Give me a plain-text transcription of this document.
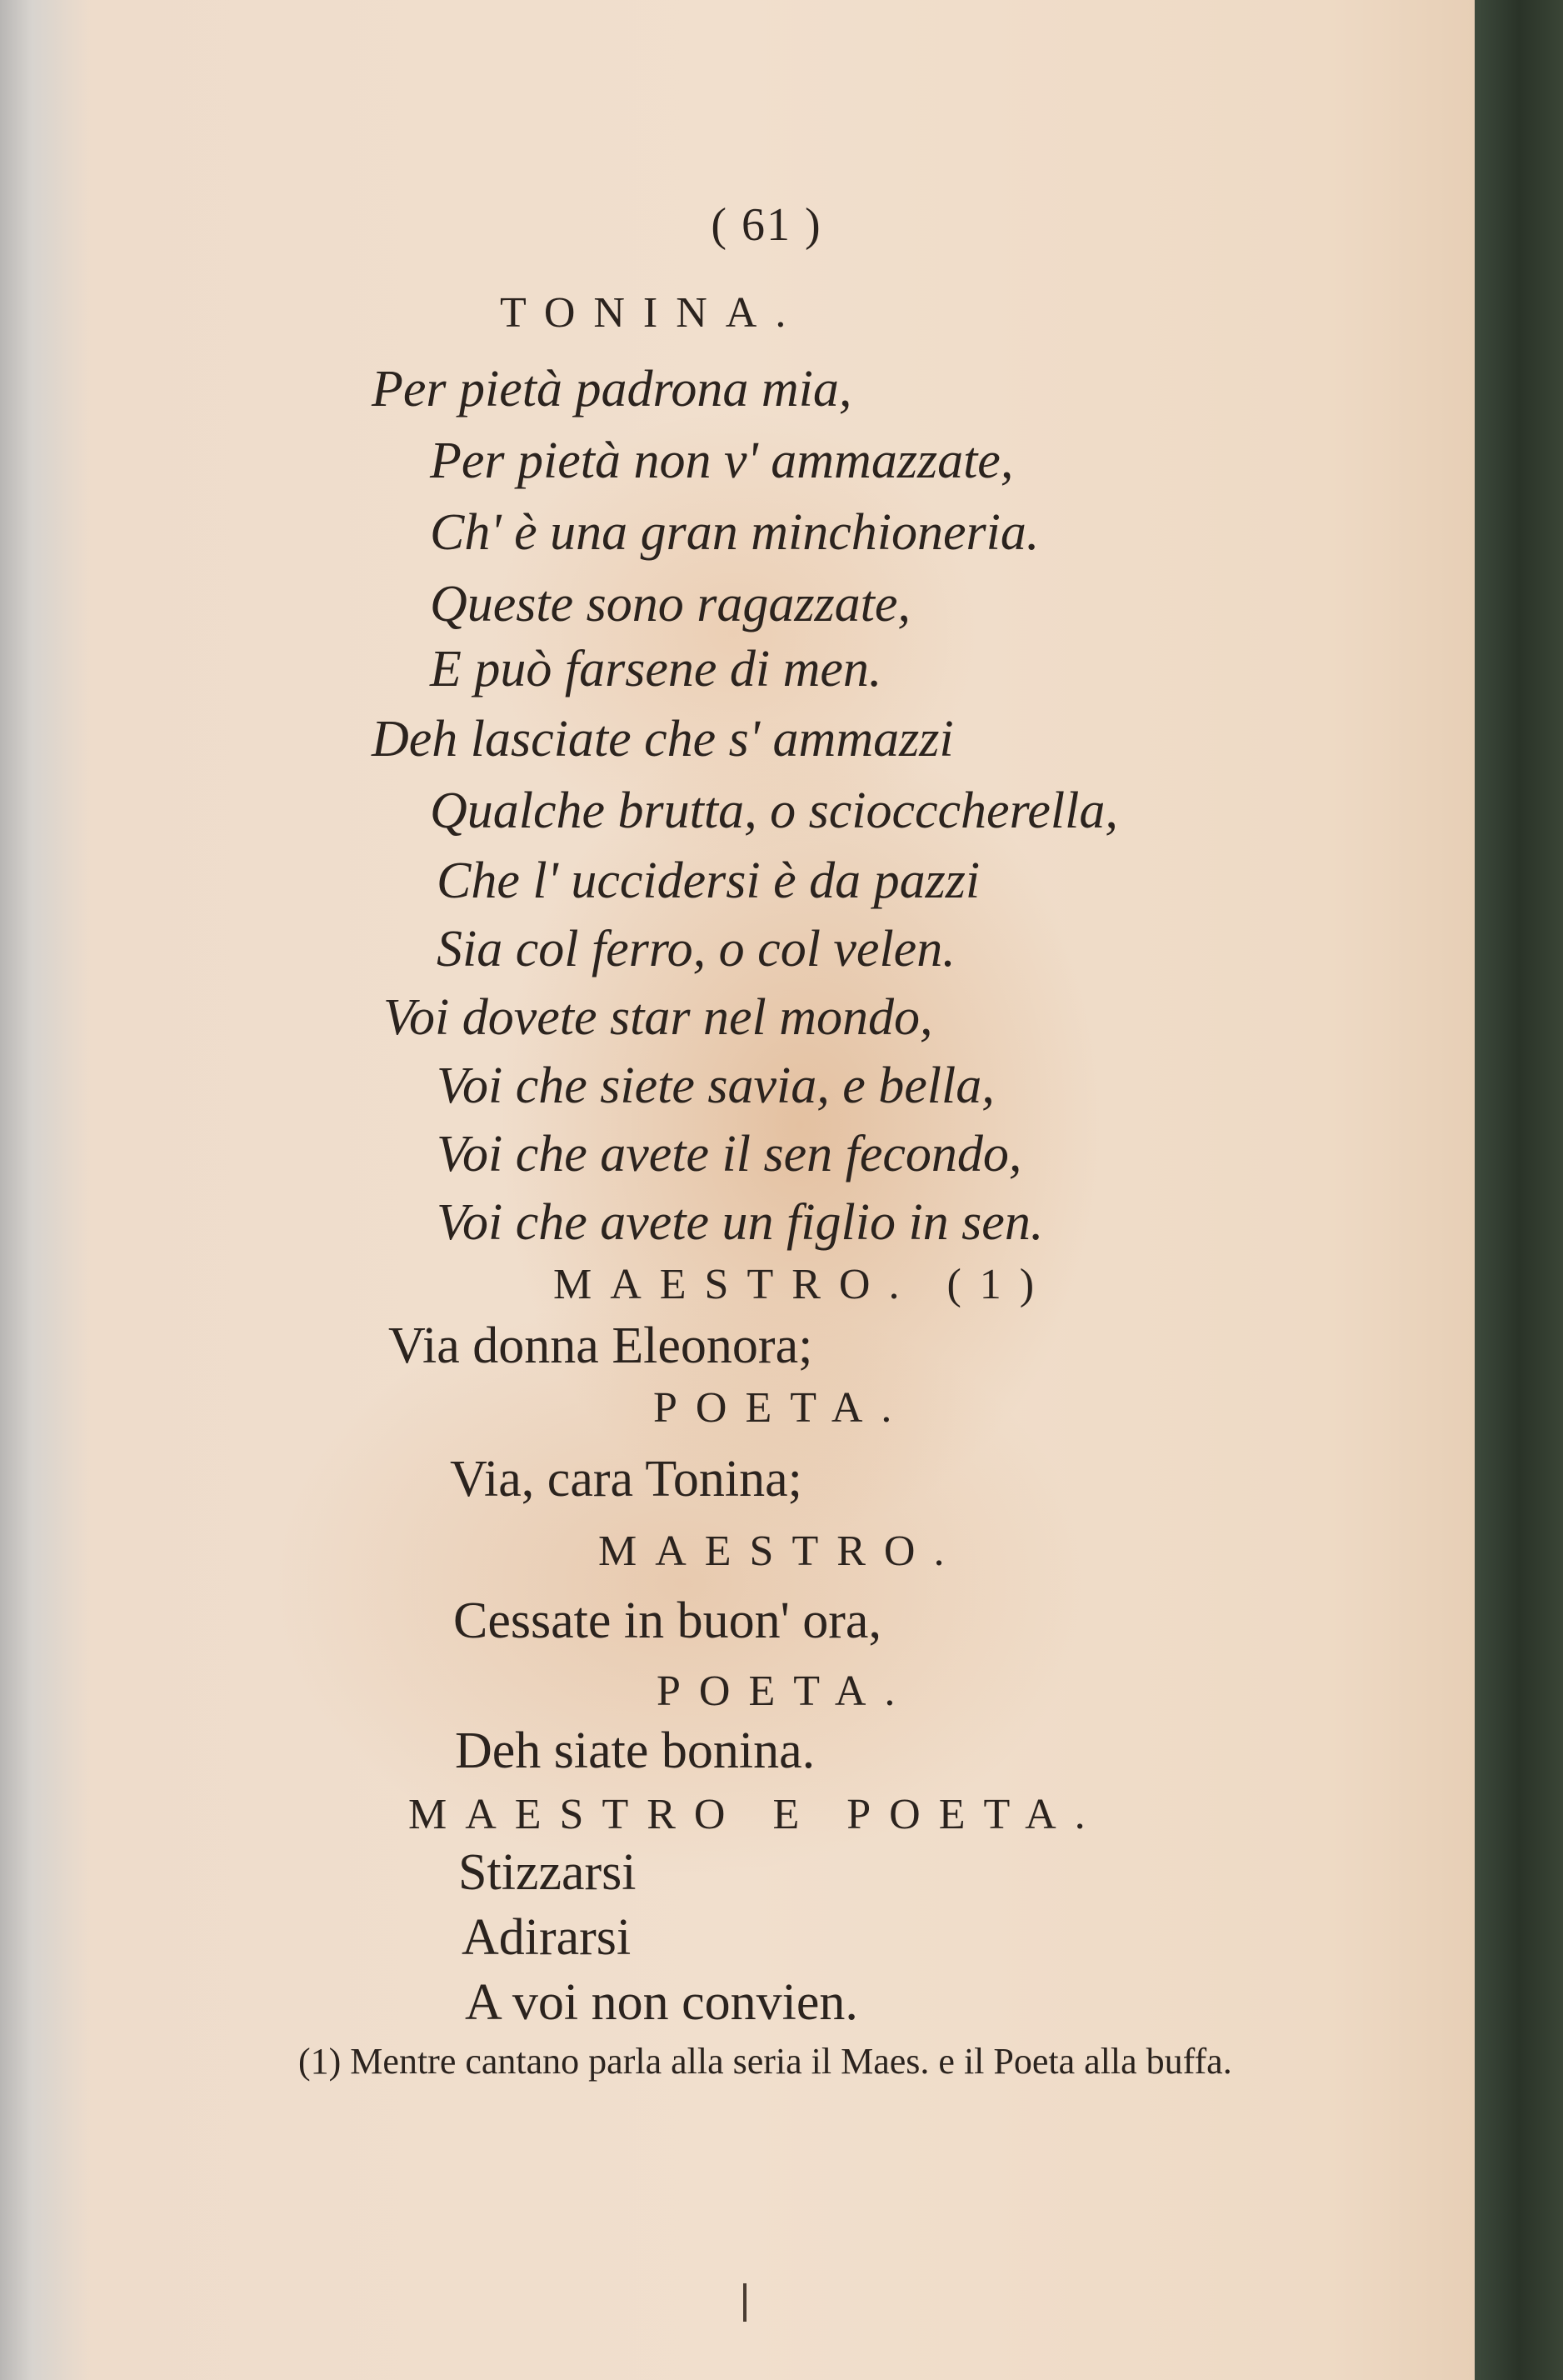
( 61 )
TONINA.
Per pietà padrona mia,
Per pietà non v' ammazzate,
Ch' è una gran minchioneria.
Queste sono ragazzate,
E può farsene di men.
Deh lasciate che s' ammazzi
Qualche brutta, o sciocccherella,
Che l' uccidersi è da pazzi
Sia col ferro, o col velen.
Voi dovete star nel mondo,
Voi che siete savia, e bella,
Voi che avete il sen fecondo,
Voi che avete un figlio in sen.
MAESTRO. (1)
Via donna Eleonora;
POETA.
Via, cara Tonina;
MAESTRO.
Cessate in buon' ora,
POETA.
Deh siate bonina.
MAESTRO E POETA.
Stizzarsi
Adirarsi
A voi non convien.
(1) Mentre cantano parla alla seria il Maes. e il Poeta alla buffa.
